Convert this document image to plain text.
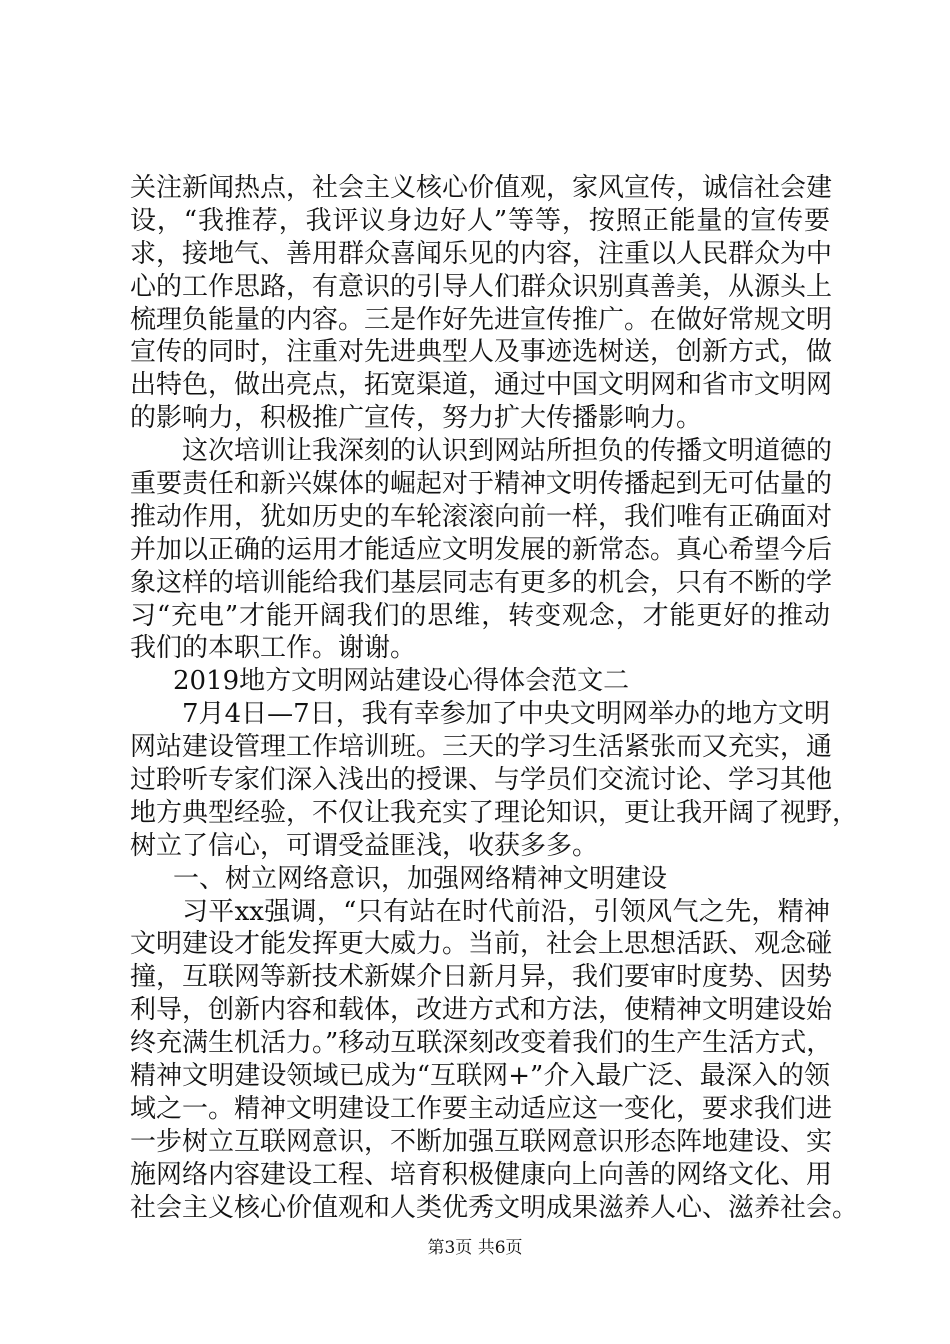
关注新闻热点，社会主义核心价值观，家风宣传，诚信社会建
设，“我推荐，我评议身边好人”等等，按照正能量的宣传要
求，接地气、善用群众喜闻乐见的内容，注重以人民群众为中
心的工作思路，有意识的引导人们群众识别真善美，从源头上
梳理负能量的内容。三是作好先进宣传推广。在做好常规文明
宣传的同时，注重对先进典型人及事迹选树送，创新方式，做
出特色，做出亮点，拓宽渠道，通过中国文明网和省市文明网
的影响力，积极推广宣传，努力扩大传播影响力。
这次培训让我深刻的认识到网站所担负的传播文明道德的
重要责任和新兴媒体的崛起对于精神文明传播起到无可估量的
推动作用，犹如历史的车轮滚滚向前一样，我们唯有正确面对
并加以正确的运用才能适应文明发展的新常态。真心希望今后
象这样的培训能给我们基层同志有更多的机会，只有不断的学
习“充电”才能开阔我们的思维，转变观念，才能更好的推动
我们的本职工作。谢谢。
2019地方文明网站建设心得体会范文二
7月4日—7日，我有幸参加了中央文明网举办的地方文明
网站建设管理工作培训班。三天的学习生活紧张而又充实，通
过聆听专家们深入浅出的授课、与学员们交流讨论、学习其他
地方典型经验，不仅让我充实了理论知识，更让我开阔了视野，
树立了信心，可谓受益匪浅，收获多多。
一、树立网络意识，加强网络精神文明建设
习平xx强调，“只有站在时代前沿，引领风气之先，精神
文明建设才能发挥更大威力。当前，社会上思想活跃、观念碰
撞，互联网等新技术新媒介日新月异，我们要审时度势、因势
利导，创新内容和载体，改进方式和方法，使精神文明建设始
终充满生机活力。”移动互联深刻改变着我们的生产生活方式，
精神文明建设领域已成为“互联网+”介入最广泛、最深入的领
域之一。精神文明建设工作要主动适应这一变化，要求我们进
一步树立互联网意识，不断加强互联网意识形态阵地建设、实
施网络内容建设工程、培育积极健康向上向善的网络文化、用
社会主义核心价值观和人类优秀文明成果滋养人心、滋养社会。
第3页 共6页
